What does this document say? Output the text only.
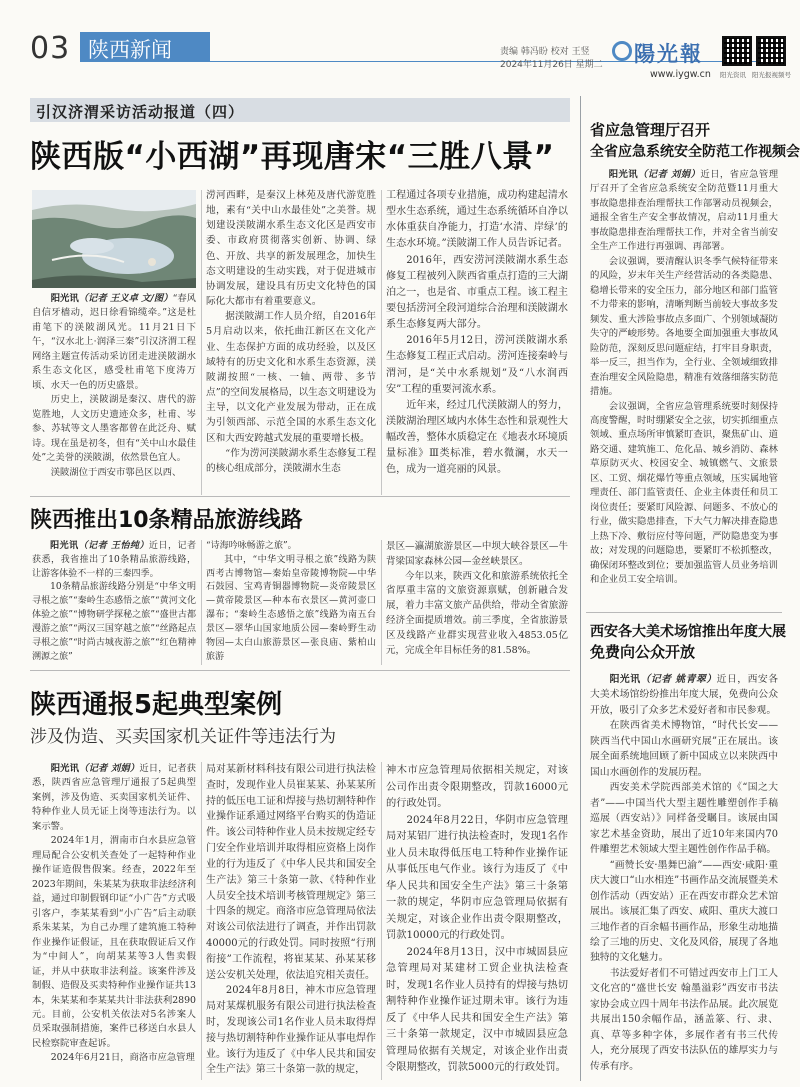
03 陕西新闻	责编 韩冯盼 校对 王竖
2024年11月26日 星期二 陽光報
www.iygw.cn 阳光资讯 阳光报视频号
引汉济渭采访活动报道（四）
陕西版“小西湖”再现唐宋“三胜八景”

阳光讯（记者 王义卓 文/图）“春风自信牙樯动，迟日徐看锦缆牵。”这是杜甫笔下的渼陂湖风光。11月21日下午，“汉水北上·润泽三秦”引汉济渭工程网络主题宣传活动采访团走进渼陂湖水系生态文化区，感受杜甫笔下度涛万顷、水天一色的历史盛景。

历史上，渼陂湖是秦汉、唐代的游览胜地，人文历史遗迹众多，杜甫、岑参、苏轼等文人墨客都曾在此泛舟、赋诗。现在虽是初冬，但有“关中山水最佳处”之美誉的渼陂湖，依然景色宜人。

渼陂湖位于西安市鄠邑区以西、

涝河西畔，是秦汉上林苑及唐代游览胜地，素有“关中山水最佳处”之美誉。规划建设渼陂湖水系生态文化区是西安市委、市政府贯彻落实创新、协调、绿色、开放、共享的新发展理念，加快生态文明建设的生动实践，对于促进城市协调发展，建设具有历史文化特色的国际化大都市有着重要意义。

据渼陂湖工作人员介绍，自2016年5月启动以来，依托曲江新区在文化产业、生态保护方面的成功经验，以及区域特有的历史文化和水系生态资源，渼陂湖按照“一核、一轴、两带、多节点”的空间发展格局，以生态文明建设为主导，以文化产业发展为带动，正在成为引领西部、示范全国的水系生态文化区和大西安跨越式发展的重要增长极。

“作为涝河渼陂湖水系生态修复工程的核心组成部分，渼陂湖水生态

工程通过各项专业措施，成功构建起清水型水生态系统，通过生态系统循环自净以水体重获自净能力，打造‘水清、岸绿’的生态水环境。”渼陂湖工作人员告诉记者。

2016年，西安涝河渼陂湖水系生态修复工程被列入陕西省重点打造的三大湖泊之一，也是省、市重点工程。该工程主要包括涝河全段河道综合治理和渼陂湖水系生态修复两大部分。

2016年5月12日，涝河渼陂湖水系生态修复工程正式启动。涝河连接秦岭与渭河，是“关中水系规划”及“八水润西安”工程的重要河流水系。

近年来，经过几代渼陂湖人的努力，渼陂湖治理区域内水体生态性和景观性大幅改善，整体水质稳定在《地表水环境质量标准》Ⅲ类标准，碧水微澜，水天一色，成为一道亮丽的风景。

陕西推出10条精品旅游线路

阳光讯（记者 王怡纯）近日，记者获悉，我省推出了10条精品旅游线路，让游客体验不一样的三秦四季。

10条精品旅游线路分别是“中华文明寻根之旅”“秦岭生态感悟之旅”“黄河文化体验之旅”“博物研学探秘之旅”“盛世古都漫游之旅”“两汉三国穿越之旅”“丝路起点寻根之旅”“时尚古城夜游之旅”“红色精神溯源之旅”

“诗海吟咏畅游之旅”。

其中，“中华文明寻根之旅”线路为陕西考古博物馆—秦始皇帝陵博物院—中华石鼓园、宝鸡青铜器博物院—炎帝陵景区—黄帝陵景区—种本布衣景区—黄河壶口瀑布；“秦岭生态感悟之旅”线路为南五台景区—翠华山国家地质公园—秦岭野生动物园—太白山旅游景区—张良庙、紫柏山旅游

景区—瀛湖旅游景区—中坝大峡谷景区—牛背梁国家森林公园—金丝峡景区。

今年以来，陕西文化和旅游系统依托全省厚重丰富的文旅资源禀赋，创新融合发展，着力丰富文旅产品供给，带动全省旅游经济全面提质增效。前三季度，全省旅游景区及线路产业群实现营业收入4853.05亿元，完成全年目标任务的81.58%。

陕西通报5起典型案例
涉及伪造、买卖国家机关证件等违法行为

阳光讯（记者 刘娟）近日，记者获悉，陕西省应急管理厅通报了5起典型案例，涉及伪造、买卖国家机关证件、特种作业人员无证上岗等违法行为。以案示警。

2024年1月，渭南市白水县应急管理局配合公安机关查处了一起特种作业操作证造假售假案。经查，2022年至2023年期间，朱某某为获取非法经济利益，通过印制假钢印证“小广告”方式吸引客户，李某某看到“小广告”后主动联系朱某某，为自己办理了建筑施工特种作业操作证假证，且在获取假证后又作为“中间人”，向胡某某等3人售卖假证，并从中获取非法利益。该案件涉及制假、造假及买卖特种作业操作证共13本，朱某某和李某某共计非法获利2890元。目前，公安机关依法对5名涉案人员采取强制措施，案件已移送白水县人民检察院审查起诉。

2024年6月21日，商洛市应急管理

局对某新材料科技有限公司进行执法检查时，发现作业人员崔某某、孙某某所持的低压电工证和焊接与热切割特种作业操作证系通过网络平台购买的伪造证件。该公司特种作业人员未按规定经专门安全作业培训并取得相应资格上岗作业的行为违反了《中华人民共和国安全生产法》第三十条第一款、《特种作业人员安全技术培训考核管理规定》第三十四条的规定。商洛市应急管理局依法对该公司依法进行了调查，并作出罚款40000元的行政处罚。同时按照“行刑衔接”工作流程，将崔某某、孙某某移送公安机关处理，依法追究相关责任。

2024年8月8日，神木市应急管理局对某煤机服务有限公司进行执法检查时，发现该公司1名作业人员未取得焊接与热切割特种作业操作证从事电焊作业。该行为违反了《中华人民共和国安全生产法》第三十条第一款的规定，

神木市应急管理局依据相关规定，对该公司作出责令限期整改，罚款16000元的行政处罚。

2024年8月22日，华阴市应急管理局对某铝厂进行执法检查时，发现1名作业人员未取得低压电工特种作业操作证从事低压电气作业。该行为违反了《中华人民共和国安全生产法》第三十条第一款的规定，华阴市应急管理局依据有关规定，对该企业作出责令限期整改，罚款10000元的行政处罚。

2024年8月13日，汉中市城固县应急管理局对某建材工贸企业执法检查时，发现1名作业人员持有的焊接与热切割特种作业操作证过期未审。该行为违反了《中华人民共和国安全生产法》第三十条第一款规定，汉中市城固县应急管理局依据有关规定，对该企业作出责令限期整改，罚款5000元的行政处罚。

省应急管理厅召开
全省应急系统安全防范工作视频会

阳光讯（记者 刘娟）近日，省应急管理厅召开了全省应急系统安全防范暨11月重大事故隐患排查治理帮扶工作部署动员视频会，通报全省生产安全事故情况，启动11月重大事故隐患排查治理帮扶工作，并对全省当前安全生产工作进行再强调、再部署。

会议强调，要清醒认识冬季气候特征带来的风险，岁末年关生产经营活动的各类隐患、稳增长带来的安全压力，部分地区和部门监管不力带来的影响，清晰判断当前较大事故多发频发、重大涉险事故点多面广、个别领域凝防失守的严峻形势。各地要全面加强重大事故风险防范，深刻反思问题症结，打牢目身职责，举一反三，担当作为，全行业、全领域细致排查治理安全风险隐患，精准有效落细落实防范措施。

会议强调，全省应急管理系统要时刻保持高度警醒，时时绷紧安全之弦，切实抓细重点领域、重点场所审慎紧盯查识，聚焦矿山、道路交通、建筑施工、危化品、城乡消防、森林草原防灭火、校园安全、城镇燃气、文旅景区、工贸、烟花爆竹等重点领域，压实属地管理责任、部门监管责任、企业主体责任和员工岗位责任；要紧盯风险源、问题多、不放心的行业，做实隐患排查，下大气力解决排查隐患上热下冷、敷衍应付等问题，严防隐患变为事故；对发现的问题隐患，要紧盯不松抓整改，确保闭环整改到位；要加强监管人员业务培训和企业员工安全培训。

西安各大美术场馆推出年度大展
免费向公众开放

阳光讯（记者 姚青翠）近日，西安各大美术场馆纷纷推出年度大展，免费向公众开放，吸引了众多艺术爱好者和市民参观。

在陕西省美术博物馆，“时代长安——陕西当代中国山水画研究展”正在展出。该展全面系统地回顾了新中国成立以来陕西中国山水画创作的发展历程。

西安美术学院西部美术馆的《“国之大者”——中国当代大型主题性雕塑创作手稿巡展（西安站）》同样备受瞩目。该展由国家艺术基金资助，展出了近10年来国内70件雕塑艺术领域大型主题性创作作品手稿。

“画赞长安·墨舞巴渝”——西安·咸阳·重庆大渡口“山水相连”书画作品交流展暨美术创作活动（西安站）正在西安市群众艺术馆展出。该展汇集了西安、咸阳、重庆大渡口三地作者的百余幅书画作品，形象生动地描绘了三地的历史、文化及风俗，展现了各地独特的文化魅力。

书法爱好者们不可错过西安市上门工人文化宫的“盛世长安 翰墨溢彩”西安市书法家协会成立四十周年书法作品展。此次展览共展出150余幅作品，涵盖篆、行、隶、真、草等多种字体，多展作者有书三代传人，充分展现了西安书法队伍的雄厚实力与传承有序。
